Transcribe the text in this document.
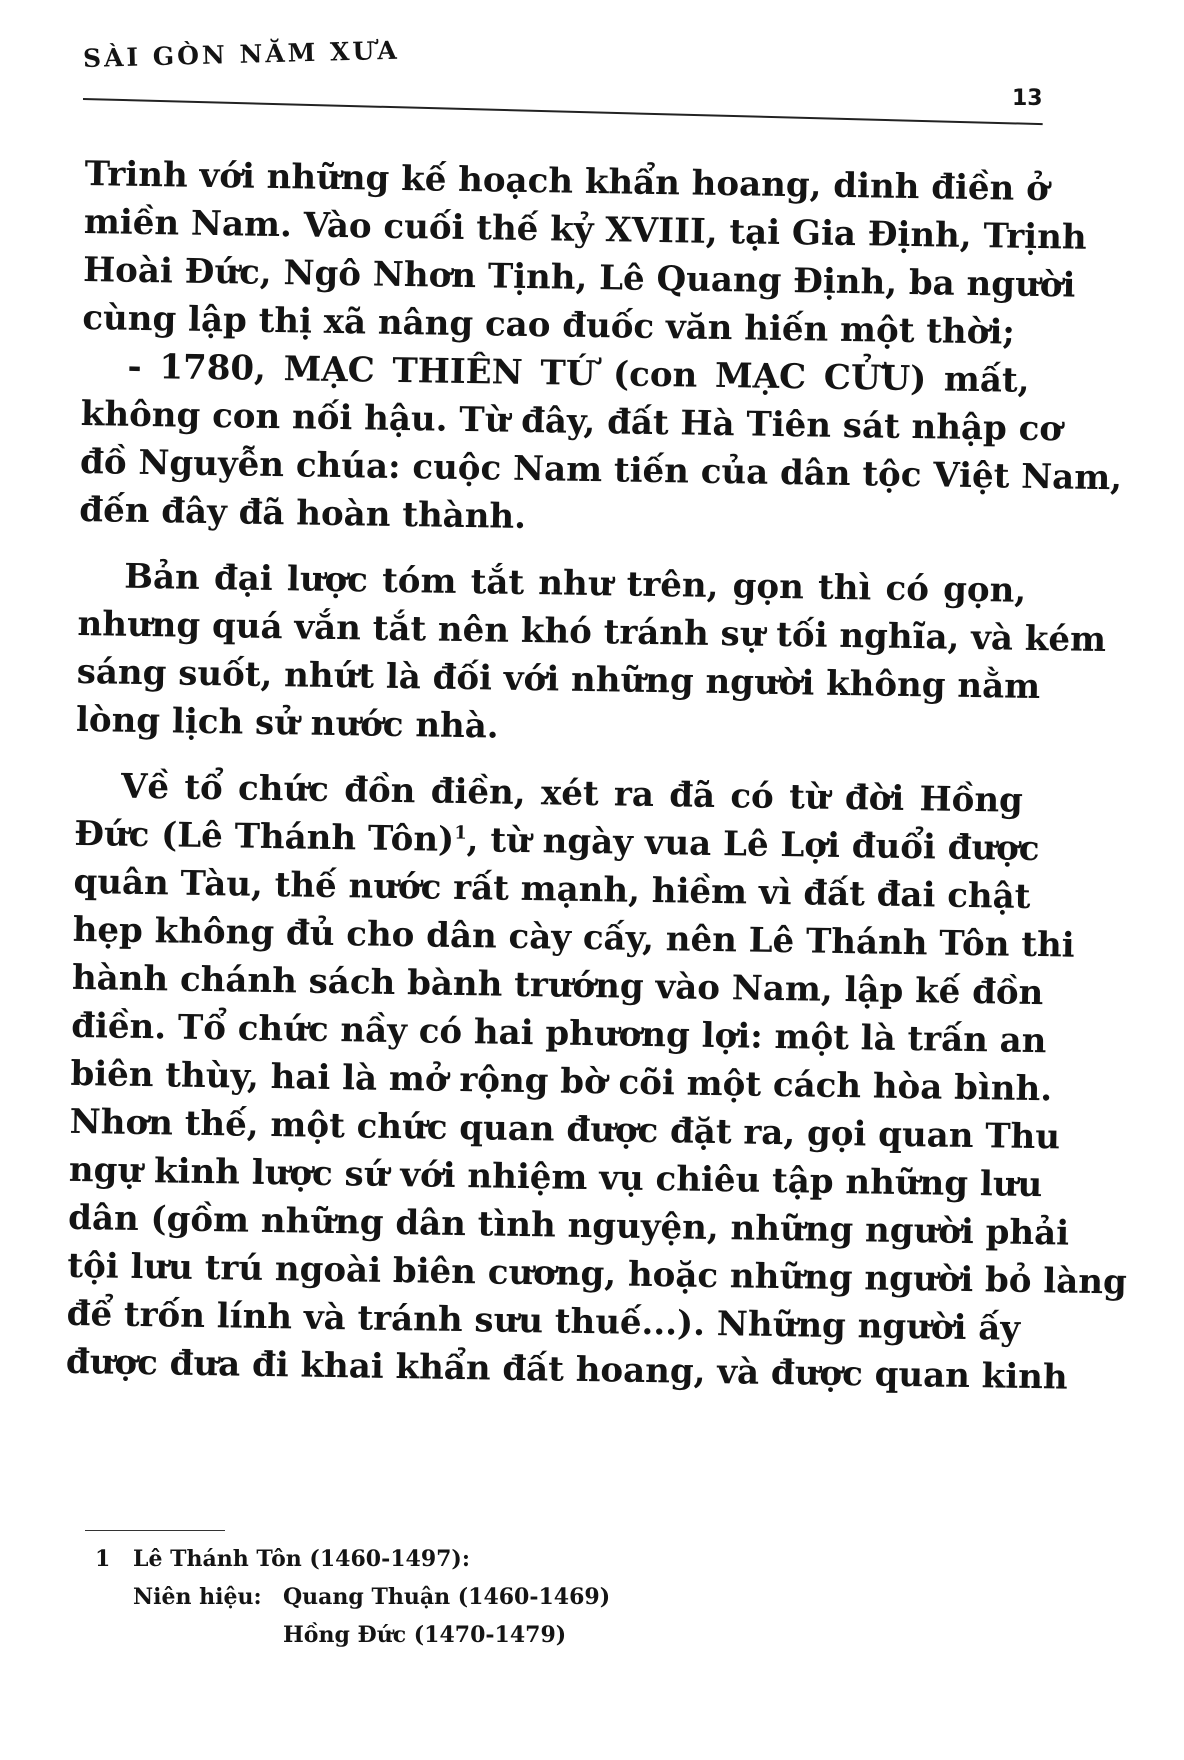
SÀI GÒN NĂM XƯA
13
Trinh với những kế hoạch khẩn hoang, dinh điền ở
miền Nam. Vào cuối thế kỷ XVIII, tại Gia Định, Trịnh
Hoài Đức, Ngô Nhơn Tịnh, Lê Quang Định, ba người
cùng lập thị xã nâng cao đuốc văn hiến một thời;
- 1780, MẠC THIÊN TỨ (con MẠC CỬU) mất,
không con nối hậu. Từ đây, đất Hà Tiên sát nhập cơ
đồ Nguyễn chúa: cuộc Nam tiến của dân tộc Việt Nam,
đến đây đã hoàn thành.
Bản đại lược tóm tắt như trên, gọn thì có gọn,
nhưng quá vắn tắt nên khó tránh sự tối nghĩa, và kém
sáng suốt, nhứt là đối với những người không nằm
lòng lịch sử nước nhà.
Về tổ chức đồn điền, xét ra đã có từ đời Hồng
Đức (Lê Thánh Tôn)$^1$, từ ngày vua Lê Lợi đuổi được
quân Tàu, thế nước rất mạnh, hiềm vì đất đai chật
hẹp không đủ cho dân cày cấy, nên Lê Thánh Tôn thi
hành chánh sách bành trướng vào Nam, lập kế đồn
điền. Tổ chức nầy có hai phương lợi: một là trấn an
biên thùy, hai là mở rộng bờ cõi một cách hòa bình.
Nhơn thế, một chức quan được đặt ra, gọi quan Thu
ngự kinh lược sứ với nhiệm vụ chiêu tập những lưu
dân (gồm những dân tình nguyện, những người phải
tội lưu trú ngoài biên cương, hoặc những người bỏ làng
để trốn lính và tránh sưu thuế...). Những người ấy
được đưa đi khai khẩn đất hoang, và được quan kinh
1 Lê Thánh Tôn (1460-1497):
Niên hiệu: Quang Thuận (1460-1469)
Hồng Đức (1470-1479)
